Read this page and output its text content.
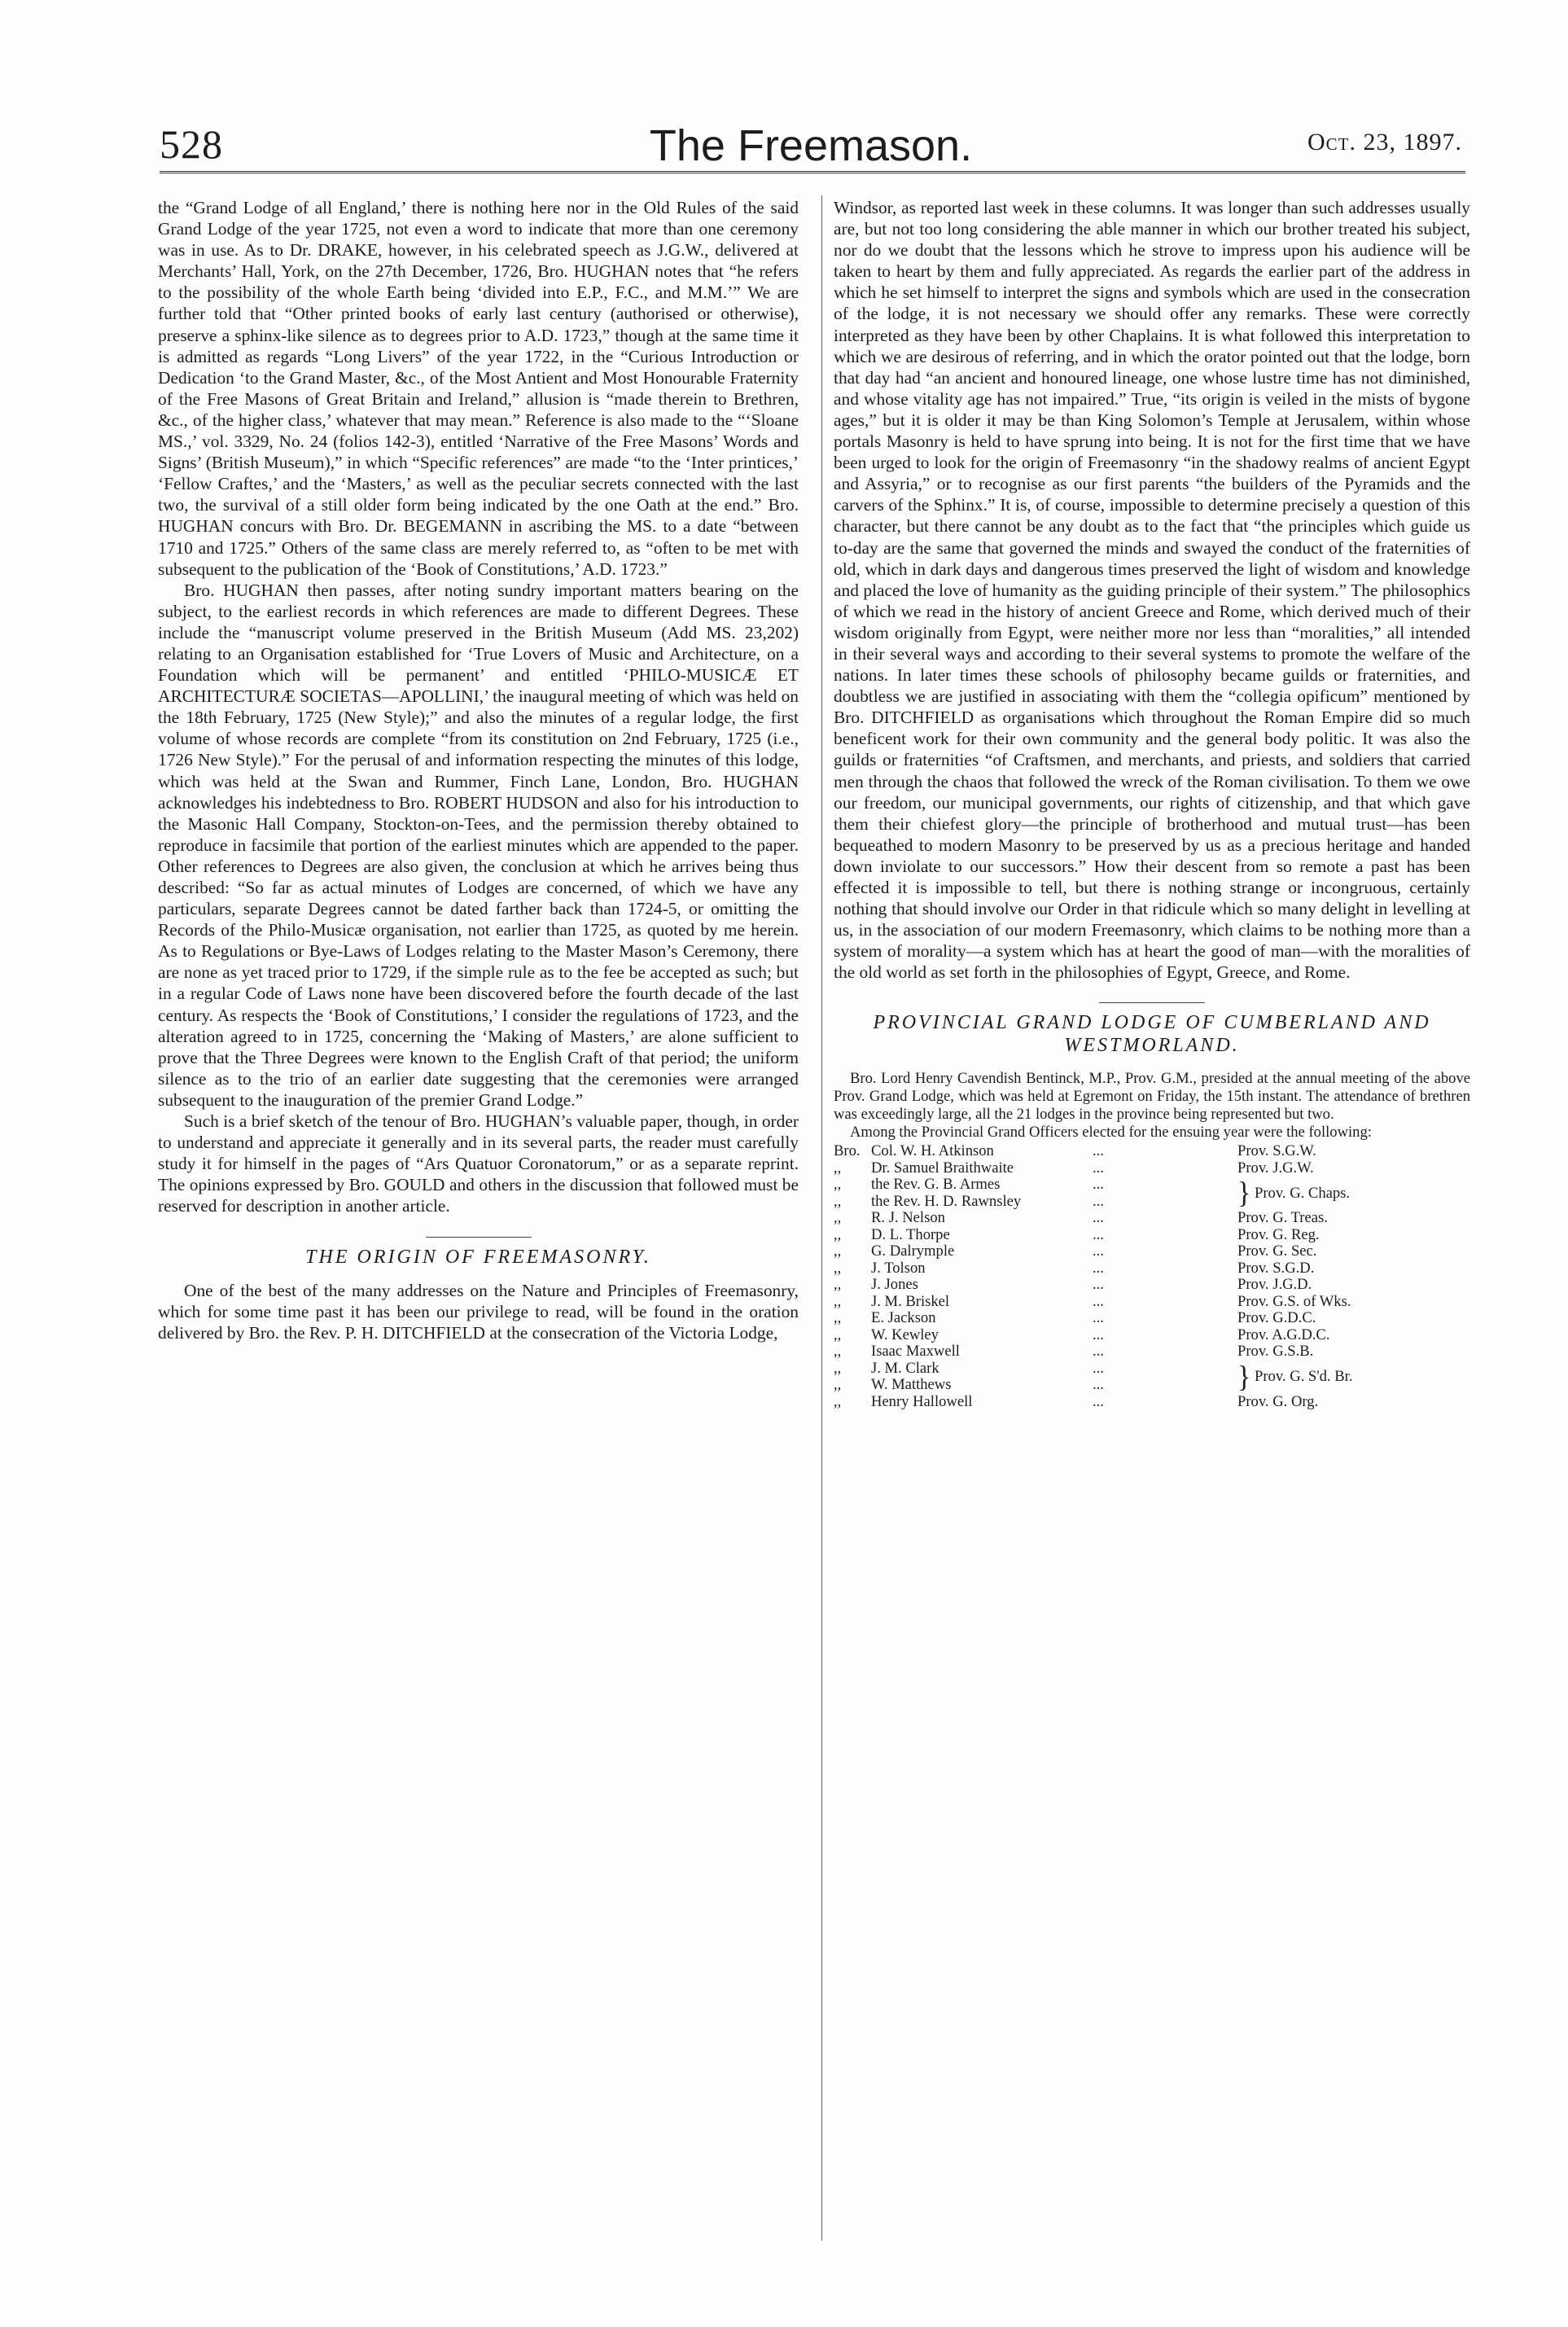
528	The Freemason.	Oct. 23, 1897.

the “Grand Lodge of all England,’ there is nothing here nor in the Old Rules of the said Grand Lodge of the year 1725, not even a word to indicate that more than one ceremony was in use. As to Dr. DRAKE, however, in his celebrated speech as J.G.W., delivered at Merchants’ Hall, York, on the 27th December, 1726, Bro. HUGHAN notes that “he refers to the possibility of the whole Earth being ‘divided into E.P., F.C., and M.M.’” We are further told that “Other printed books of early last century (authorised or otherwise), preserve a sphinx-like silence as to degrees prior to A.D. 1723,” though at the same time it is admitted as regards “Long Livers” of the year 1722, in the “Curious Introduction or Dedication ‘to the Grand Master, &c., of the Most Antient and Most Honourable Fraternity of the Free Masons of Great Britain and Ireland,” allusion is “made therein to Brethren, &c., of the higher class,’ whatever that may mean.” Reference is also made to the “‘Sloane MS.,’ vol. 3329, No. 24 (folios 142-3), entitled ‘Narrative of the Free Masons’ Words and Signs’ (British Museum),” in which “Specific references” are made “to the ‘Inter printices,’ ‘Fellow Craftes,’ and the ‘Masters,’ as well as the peculiar secrets connected with the last two, the survival of a still older form being indicated by the one Oath at the end.” Bro. HUGHAN concurs with Bro. Dr. BEGEMANN in ascribing the MS. to a date “between 1710 and 1725.” Others of the same class are merely referred to, as “often to be met with subsequent to the publication of the ‘Book of Constitutions,’ A.D. 1723.”

Bro. HUGHAN then passes, after noting sundry important matters bearing on the subject, to the earliest records in which references are made to different Degrees. These include the “manuscript volume preserved in the British Museum (Add MS. 23,202) relating to an Organisation established for ‘True Lovers of Music and Architecture, on a Foundation which will be permanent’ and entitled ‘PHILO-MUSICÆ ET ARCHITECTURÆ SOCIETAS—APOLLINI,’ the inaugural meeting of which was held on the 18th February, 1725 (New Style);” and also the minutes of a regular lodge, the first volume of whose records are complete “from its constitution on 2nd February, 1725 (i.e., 1726 New Style).” For the perusal of and information respecting the minutes of this lodge, which was held at the Swan and Rummer, Finch Lane, London, Bro. HUGHAN acknowledges his indebtedness to Bro. ROBERT HUDSON and also for his introduction to the Masonic Hall Company, Stockton-on-Tees, and the permission thereby obtained to reproduce in facsimile that portion of the earliest minutes which are appended to the paper. Other references to Degrees are also given, the conclusion at which he arrives being thus described: “So far as actual minutes of Lodges are concerned, of which we have any particulars, separate Degrees cannot be dated farther back than 1724-5, or omitting the Records of the Philo-Musicæ organisation, not earlier than 1725, as quoted by me herein. As to Regulations or Bye-Laws of Lodges relating to the Master Mason’s Ceremony, there are none as yet traced prior to 1729, if the simple rule as to the fee be accepted as such; but in a regular Code of Laws none have been discovered before the fourth decade of the last century. As respects the ‘Book of Constitutions,’ I consider the regulations of 1723, and the alteration agreed to in 1725, concerning the ‘Making of Masters,’ are alone sufficient to prove that the Three Degrees were known to the English Craft of that period; the uniform silence as to the trio of an earlier date suggesting that the ceremonies were arranged subsequent to the inauguration of the premier Grand Lodge.”

Such is a brief sketch of the tenour of Bro. HUGHAN’s valuable paper, though, in order to understand and appreciate it generally and in its several parts, the reader must carefully study it for himself in the pages of “Ars Quatuor Coronatorum,” or as a separate reprint. The opinions expressed by Bro. GOULD and others in the discussion that followed must be reserved for description in another article.

THE ORIGIN OF FREEMASONRY.

One of the best of the many addresses on the Nature and Principles of Freemasonry, which for some time past it has been our privilege to read, will be found in the oration delivered by Bro. the Rev. P. H. DITCHFIELD at the consecration of the Victoria Lodge,

Windsor, as reported last week in these columns. It was longer than such addresses usually are, but not too long considering the able manner in which our brother treated his subject, nor do we doubt that the lessons which he strove to impress upon his audience will be taken to heart by them and fully appreciated. As regards the earlier part of the address in which he set himself to interpret the signs and symbols which are used in the consecration of the lodge, it is not necessary we should offer any remarks. These were correctly interpreted as they have been by other Chaplains. It is what followed this interpretation to which we are desirous of referring, and in which the orator pointed out that the lodge, born that day had “an ancient and honoured lineage, one whose lustre time has not diminished, and whose vitality age has not impaired.” True, “its origin is veiled in the mists of bygone ages,” but it is older it may be than King Solomon’s Temple at Jerusalem, within whose portals Masonry is held to have sprung into being. It is not for the first time that we have been urged to look for the origin of Freemasonry “in the shadowy realms of ancient Egypt and Assyria,” or to recognise as our first parents “the builders of the Pyramids and the carvers of the Sphinx.” It is, of course, impossible to determine precisely a question of this character, but there cannot be any doubt as to the fact that “the principles which guide us to-day are the same that governed the minds and swayed the conduct of the fraternities of old, which in dark days and dangerous times preserved the light of wisdom and knowledge and placed the love of humanity as the guiding principle of their system.” The philosophics of which we read in the history of ancient Greece and Rome, which derived much of their wisdom originally from Egypt, were neither more nor less than “moralities,” all intended in their several ways and according to their several systems to promote the welfare of the nations. In later times these schools of philosophy became guilds or fraternities, and doubtless we are justified in associating with them the “collegia opificum” mentioned by Bro. DITCHFIELD as organisations which throughout the Roman Empire did so much beneficent work for their own community and the general body politic. It was also the guilds or fraternities “of Craftsmen, and merchants, and priests, and soldiers that carried men through the chaos that followed the wreck of the Roman civilisation. To them we owe our freedom, our municipal governments, our rights of citizenship, and that which gave them their chiefest glory—the principle of brotherhood and mutual trust—has been bequeathed to modern Masonry to be preserved by us as a precious heritage and handed down inviolate to our successors.” How their descent from so remote a past has been effected it is impossible to tell, but there is nothing strange or incongruous, certainly nothing that should involve our Order in that ridicule which so many delight in levelling at us, in the association of our modern Freemasonry, which claims to be nothing more than a system of morality—a system which has at heart the good of man—with the moralities of the old world as set forth in the philosophies of Egypt, Greece, and Rome.

PROVINCIAL GRAND LODGE OF CUMBERLAND AND WESTMORLAND.

Bro. Lord Henry Cavendish Bentinck, M.P., Prov. G.M., presided at the annual meeting of the above Prov. Grand Lodge, which was held at Egremont on Friday, the 15th instant. The attendance of brethren was exceedingly large, all the 21 lodges in the province being represented but two.

Among the Provincial Grand Officers elected for the ensuing year were the following:

Bro.	Col. W. H. Atkinson	...	Prov. S.G.W.
,,	Dr. Samuel Braithwaite	...	Prov. J.G.W.
,,	the Rev. G. B. Armes	...	} Prov. G. Chaps.
,,	the Rev. H. D. Rawnsley	...	
,,	R. J. Nelson	...	Prov. G. Treas.
,,	D. L. Thorpe	...	Prov. G. Reg.
,,	G. Dalrymple	...	Prov. G. Sec.
,,	J. Tolson	...	Prov. S.G.D.
,,	J. Jones	...	Prov. J.G.D.
,,	J. M. Briskel	...	Prov. G.S. of Wks.
,,	E. Jackson	...	Prov. G.D.C.
,,	W. Kewley	...	Prov. A.G.D.C.
,,	Isaac Maxwell	...	Prov. G.S.B.
,,	J. M. Clark	...	} Prov. G. S'd. Br.
,,	W. Matthews	...	
,,	Henry Hallowell	...	Prov. G. Org.
